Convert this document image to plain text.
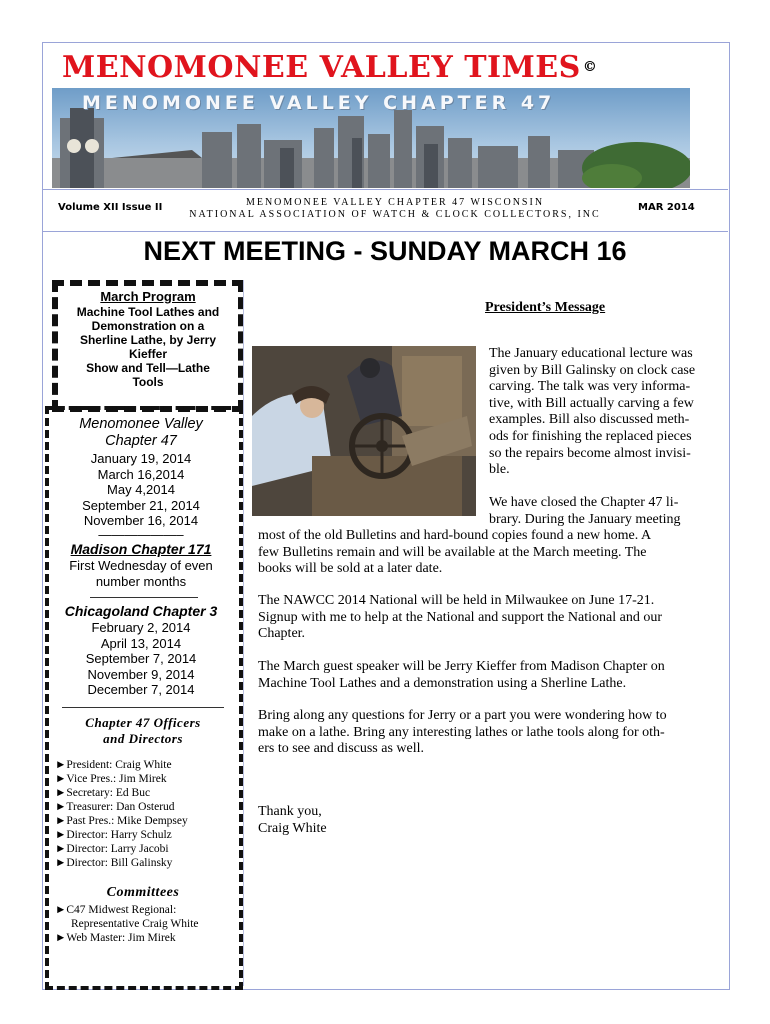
MENOMONEE VALLEY TIMES ©
MENOMONEE VALLEY CHAPTER 47
Volume XII Issue II	MENOMONEE VALLEY CHAPTER 47 WISCONSIN
NATIONAL ASSOCIATION OF WATCH & CLOCK COLLECTORS, INC
MAR 2014
NEXT MEETING - SUNDAY MARCH 16
March Program
Machine Tool Lathes and
Demonstration on a
Sherline Lathe, by Jerry
Kieffer
Show and Tell—Lathe
Tools
Menomonee Valley Chapter 47
January 19, 2014
March 16,2014
May 4,2014
September 21, 2014
November 16, 2014
——————–
Madison Chapter 171
First Wednesday of even
number months
Chicagoland Chapter 3
February 2, 2014
April 13, 2014
September 7, 2014
November 9, 2014
December 7, 2014
Chapter 47 Officers
and Directors
►President: Craig White
►Vice Pres.: Jim Mirek
►Secretary: Ed Buc
►Treasurer: Dan Osterud
►Past Pres.: Mike Dempsey
►Director: Harry Schulz
►Director: Larry Jacobi
►Director: Bill Galinsky
Committees
►C47 Midwest Regional:
Representative Craig White
►Web Master: Jim Mirek
President’s Message
The January educational lecture was
given by Bill Galinsky on clock case
carving. The talk was very informa-
tive, with Bill actually carving a few
examples. Bill also discussed meth-
ods for finishing the replaced pieces
so the repairs become almost invisi-
ble.
We have closed the Chapter 47 li-
brary. During the January meeting
most of the old Bulletins and hard-bound copies found a new home. A
few Bulletins remain and will be available at the March meeting. The
books will be sold at a later date.
The NAWCC 2014 National will be held in Milwaukee on June 17-21.
Signup with me to help at the National and support the National and our
Chapter.
The March guest speaker will be Jerry Kieffer from Madison Chapter on
Machine Tool Lathes and a demonstration using a Sherline Lathe.
Bring along any questions for Jerry or a part you were wondering how to
make on a lathe. Bring any interesting lathes or lathe tools along for oth-
ers to see and discuss as well.
Thank you,
Craig White
